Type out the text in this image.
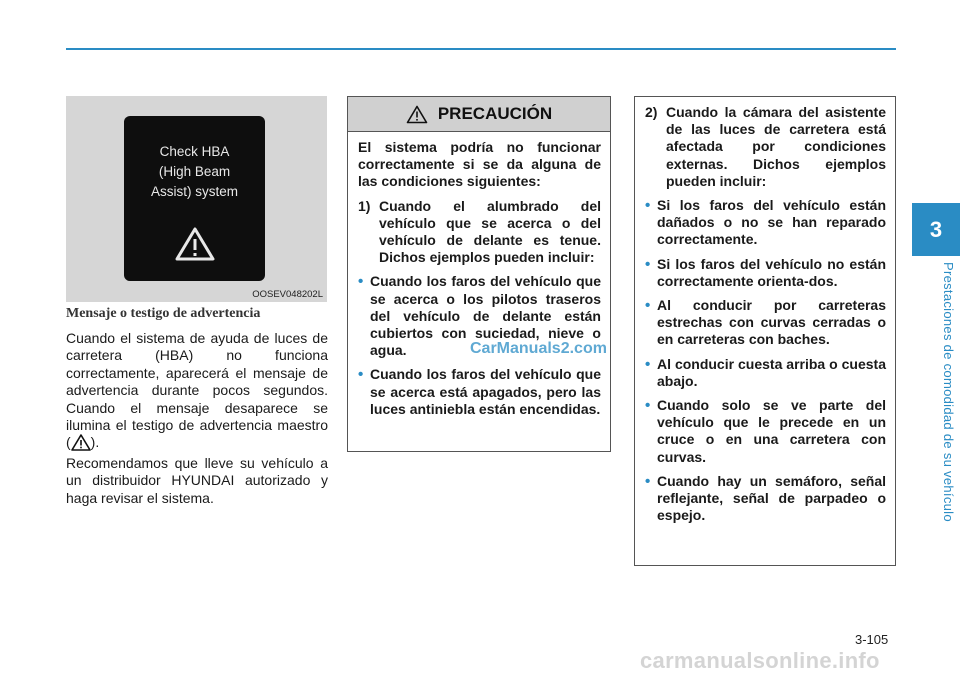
3
Prestaciones de comodidad de su vehículo
Check HBA
(High Beam
Assist) system
OOSEV048202L
Mensaje o testigo de advertencia

Cuando el sistema de ayuda de luces de carretera (HBA) no funciona correctamente, aparecerá el mensaje de advertencia durante pocos segundos. Cuando el mensaje desaparece se ilumina el testigo de advertencia maestro ( ).

Recomendamos que lleve su vehículo a un distribuidor HYUNDAI autorizado y haga revisar el sistema.

PRECAUCIÓN

El sistema podría no funcionar correctamente si se da alguna de las condiciones siguientes:

1) Cuando el alumbrado del vehículo que se acerca o del vehículo de delante es tenue. Dichos ejemplos pueden incluir:
• Cuando los faros del vehículo que se acerca o los pilotos traseros del vehículo de delante están cubiertos con suciedad, nieve o agua.
• Cuando los faros del vehículo que se acerca está apagados, pero las luces antiniebla están encendidas.
2) Cuando la cámara del asistente de las luces de carretera está afectada por condiciones externas. Dichos ejemplos pueden incluir:
• Si los faros del vehículo están dañados o no se han reparado correctamente.
• Si los faros del vehículo no están correctamente orienta-dos.
• Al conducir por carreteras estrechas con curvas cerradas o en carreteras con baches.
• Al conducir cuesta arriba o cuesta abajo.
• Cuando solo se ve parte del vehículo que le precede en un cruce o en una carretera con curvas.
• Cuando hay un semáforo, señal reflejante, señal de parpadeo o espejo.
CarManuals2.com
3-105
carmanualsonline.info
